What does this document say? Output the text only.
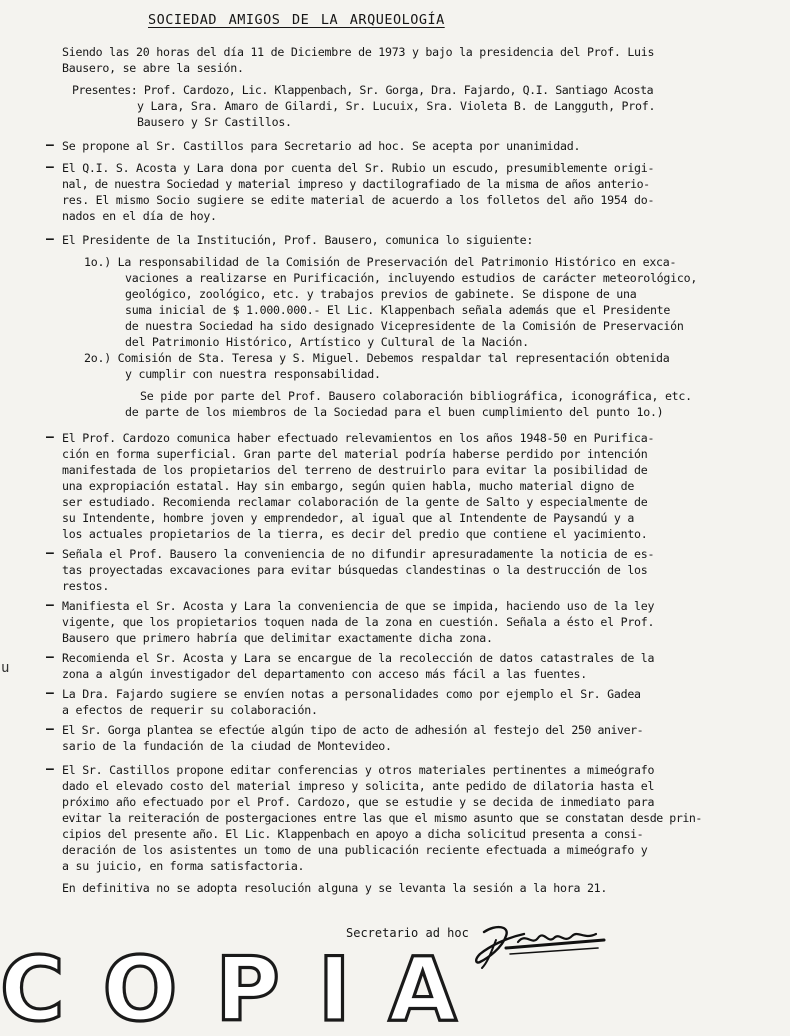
SOCIEDAD AMIGOS DE LA ARQUEOLOGÍA
Siendo las 20 horas del día 11 de Diciembre de 1973 y bajo la presidencia del Prof. Luis
Bausero, se abre la sesión.
Presentes: Prof. Cardozo, Lic. Klappenbach, Sr. Gorga, Dra. Fajardo, Q.I. Santiago Acosta
y Lara, Sra. Amaro de Gilardi, Sr. Lucuix, Sra. Violeta B. de Langguth, Prof.
Bausero y Sr Castillos.
– Se propone al Sr. Castillos para Secretario ad hoc. Se acepta por unanimidad.
– El Q.I. S. Acosta y Lara dona por cuenta del Sr. Rubio un escudo, presumiblemente origi-
nal, de nuestra Sociedad y material impreso y dactilografiado de la misma de años anterio-
res. El mismo Socio sugiere se edite material de acuerdo a los folletos del año 1954 do-
nados en el día de hoy.
– El Presidente de la Institución, Prof. Bausero, comunica lo siguiente:
1o.) La responsabilidad de la Comisión de Preservación del Patrimonio Histórico en exca-
vaciones a realizarse en Purificación, incluyendo estudios de carácter meteorológico,
geológico, zoológico, etc. y trabajos previos de gabinete. Se dispone de una
suma inicial de $ 1.000.000.- El Lic. Klappenbach señala además que el Presidente
de nuestra Sociedad ha sido designado Vicepresidente de la Comisión de Preservación
del Patrimonio Histórico, Artístico y Cultural de la Nación.
2o.) Comisión de Sta. Teresa y S. Miguel. Debemos respaldar tal representación obtenida
y cumplir con nuestra responsabilidad.
Se pide por parte del Prof. Bausero colaboración bibliográfica, iconográfica, etc.
de parte de los miembros de la Sociedad para el buen cumplimiento del punto 1o.)
– El Prof. Cardozo comunica haber efectuado relevamientos en los años 1948-50 en Purifica-
ción en forma superficial. Gran parte del material podría haberse perdido por intención
manifestada de los propietarios del terreno de destruirlo para evitar la posibilidad de
una expropiación estatal. Hay sin embargo, según quien habla, mucho material digno de
ser estudiado. Recomienda reclamar colaboración de la gente de Salto y especialmente de
su Intendente, hombre joven y emprendedor, al igual que al Intendente de Paysandú y a
los actuales propietarios de la tierra, es decir del predio que contiene el yacimiento.
– Señala el Prof. Bausero la conveniencia de no difundir apresuradamente la noticia de es-
tas proyectadas excavaciones para evitar búsquedas clandestinas o la destrucción de los
restos.
– Manifiesta el Sr. Acosta y Lara la conveniencia de que se impida, haciendo uso de la ley
vigente, que los propietarios toquen nada de la zona en cuestión. Señala a ésto el Prof.
Bausero que primero habría que delimitar exactamente dicha zona.
– Recomienda el Sr. Acosta y Lara se encargue de la recolección de datos catastrales de la
zona a algún investigador del departamento con acceso más fácil a las fuentes.
– La Dra. Fajardo sugiere se envíen notas a personalidades como por ejemplo el Sr. Gadea
a efectos de requerir su colaboración.
– El Sr. Gorga plantea se efectúe algún tipo de acto de adhesión al festejo del 250 aniver-
sario de la fundación de la ciudad de Montevideo.
– El Sr. Castillos propone editar conferencias y otros materiales pertinentes a mimeógrafo
dado el elevado costo del material impreso y solicita, ante pedido de dilatoria hasta el
próximo año efectuado por el Prof. Cardozo, que se estudie y se decida de inmediato para
evitar la reiteración de postergaciones entre las que el mismo asunto que se constatan desde prin-
cipios del presente año. El Lic. Klappenbach en apoyo a dicha solicitud presenta a consi-
deración de los asistentes un tomo de una publicación reciente efectuada a mimeógrafo y
a su juicio, en forma satisfactoria.
En definitiva no se adopta resolución alguna y se levanta la sesión a la hora 21.
u
Secretario ad hoc
COPIA
